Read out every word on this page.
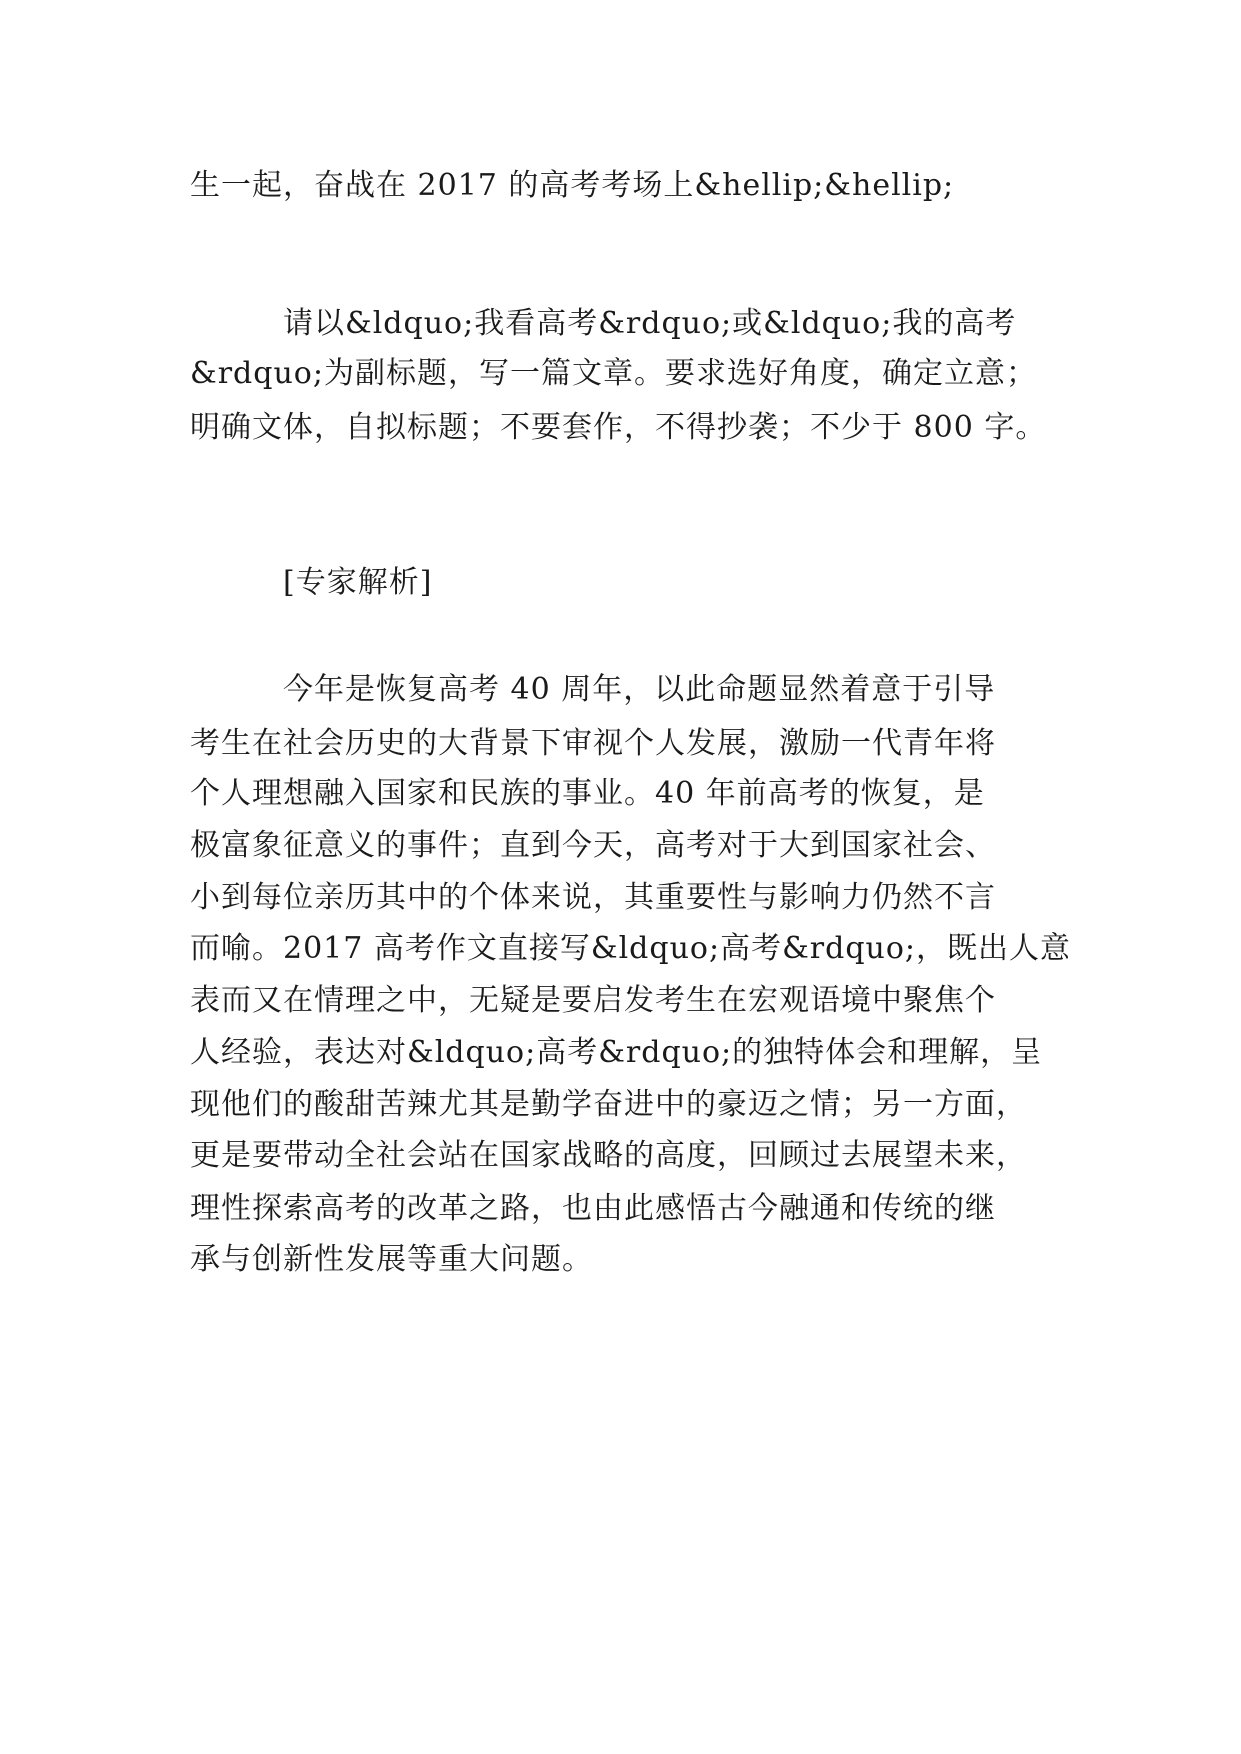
生一起，奋战在 2017 的高考考场上&hellip;&hellip;
　　　请以&ldquo;我看高考&rdquo;或&ldquo;我的高考
&rdquo;为副标题，写一篇文章。要求选好角度，确定立意；
明确文体，自拟标题；不要套作，不得抄袭；不少于 800 字。
　　　[专家解析]
　　　今年是恢复高考 40 周年，以此命题显然着意于引导
考生在社会历史的大背景下审视个人发展，激励一代青年将
个人理想融入国家和民族的事业。40 年前高考的恢复，是
极富象征意义的事件；直到今天，高考对于大到国家社会、
小到每位亲历其中的个体来说，其重要性与影响力仍然不言
而喻。2017 高考作文直接写&ldquo;高考&rdquo;，既出人意
表而又在情理之中，无疑是要启发考生在宏观语境中聚焦个
人经验，表达对&ldquo;高考&rdquo;的独特体会和理解，呈
现他们的酸甜苦辣尤其是勤学奋进中的豪迈之情；另一方面，
更是要带动全社会站在国家战略的高度，回顾过去展望未来，
理性探索高考的改革之路，也由此感悟古今融通和传统的继
承与创新性发展等重大问题。
